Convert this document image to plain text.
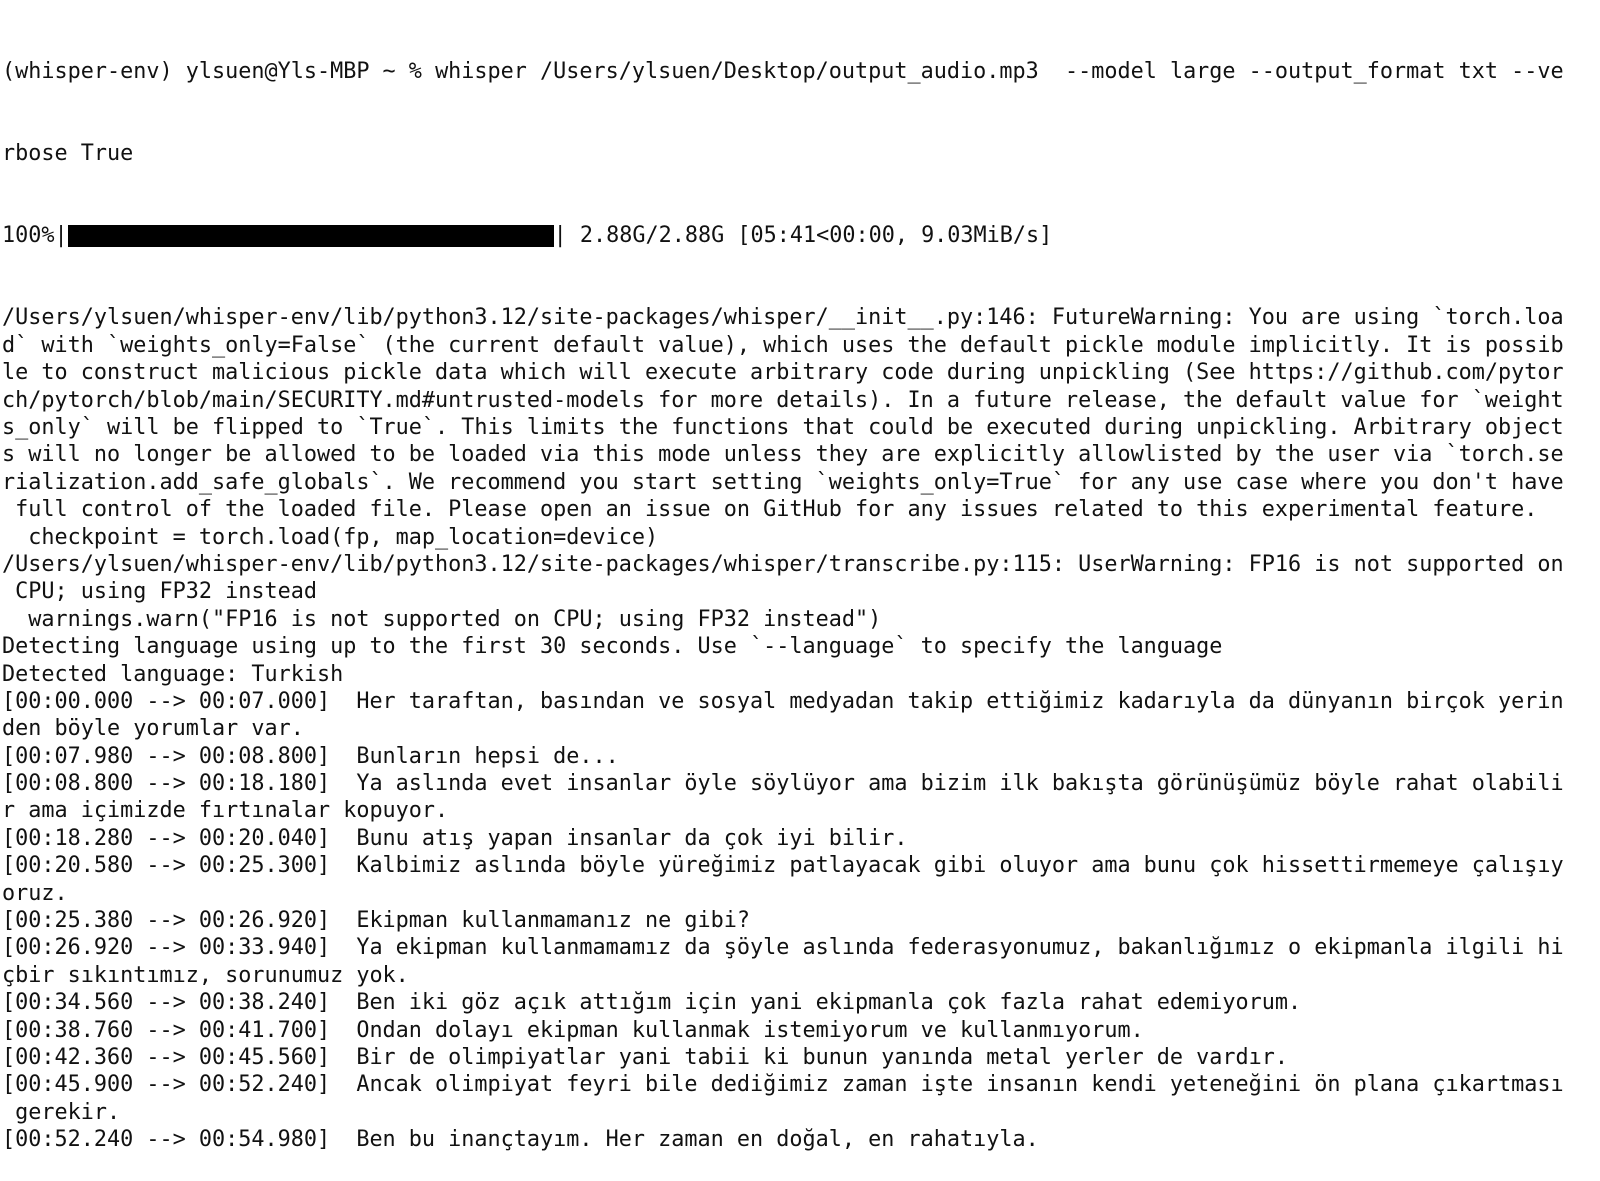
(whisper-env) ylsuen@Yls-MBP ~ % whisper /Users/ylsuen/Desktop/output_audio.mp3  --model large --output_format txt --ve

rbose True

100%|	| 2.88G/2.88G [05:41<00:00, 9.03MiB/s]

/Users/ylsuen/whisper-env/lib/python3.12/site-packages/whisper/__init__.py:146: FutureWarning: You are using `torch.loa
d` with `weights_only=False` (the current default value), which uses the default pickle module implicitly. It is possib
le to construct malicious pickle data which will execute arbitrary code during unpickling (See https://github.com/pytor
ch/pytorch/blob/main/SECURITY.md#untrusted-models for more details). In a future release, the default value for `weight
s_only` will be flipped to `True`. This limits the functions that could be executed during unpickling. Arbitrary object
s will no longer be allowed to be loaded via this mode unless they are explicitly allowlisted by the user via `torch.se
rialization.add_safe_globals`. We recommend you start setting `weights_only=True` for any use case where you don't have
full control of the loaded file. Please open an issue on GitHub for any issues related to this experimental feature.
checkpoint = torch.load(fp, map_location=device)
/Users/ylsuen/whisper-env/lib/python3.12/site-packages/whisper/transcribe.py:115: UserWarning: FP16 is not supported on
CPU; using FP32 instead
warnings.warn("FP16 is not supported on CPU; using FP32 instead")
Detecting language using up to the first 30 seconds. Use `--language` to specify the language
Detected language: Turkish
[00:00.000 --> 00:07.000]  Her taraftan, basından ve sosyal medyadan takip ettiğimiz kadarıyla da dünyanın birçok yerin
den böyle yorumlar var.
[00:07.980 --> 00:08.800]  Bunların hepsi de...
[00:08.800 --> 00:18.180]  Ya aslında evet insanlar öyle söylüyor ama bizim ilk bakışta görünüşümüz böyle rahat olabili
r ama içimizde fırtınalar kopuyor.
[00:18.280 --> 00:20.040]  Bunu atış yapan insanlar da çok iyi bilir.
[00:20.580 --> 00:25.300]  Kalbimiz aslında böyle yüreğimiz patlayacak gibi oluyor ama bunu çok hissettirmemeye çalışıy
oruz.
[00:25.380 --> 00:26.920]  Ekipman kullanmamanız ne gibi?
[00:26.920 --> 00:33.940]  Ya ekipman kullanmamamız da şöyle aslında federasyonumuz, bakanlığımız o ekipmanla ilgili hi
çbir sıkıntımız, sorunumuz yok.
[00:34.560 --> 00:38.240]  Ben iki göz açık attığım için yani ekipmanla çok fazla rahat edemiyorum.
[00:38.760 --> 00:41.700]  Ondan dolayı ekipman kullanmak istemiyorum ve kullanmıyorum.
[00:42.360 --> 00:45.560]  Bir de olimpiyatlar yani tabii ki bunun yanında metal yerler de vardır.
[00:45.900 --> 00:52.240]  Ancak olimpiyat feyri bile dediğimiz zaman işte insanın kendi yeteneğini ön plana çıkartması
gerekir.
[00:52.240 --> 00:54.980]  Ben bu inançtayım. Her zaman en doğal, en rahatıyla.
